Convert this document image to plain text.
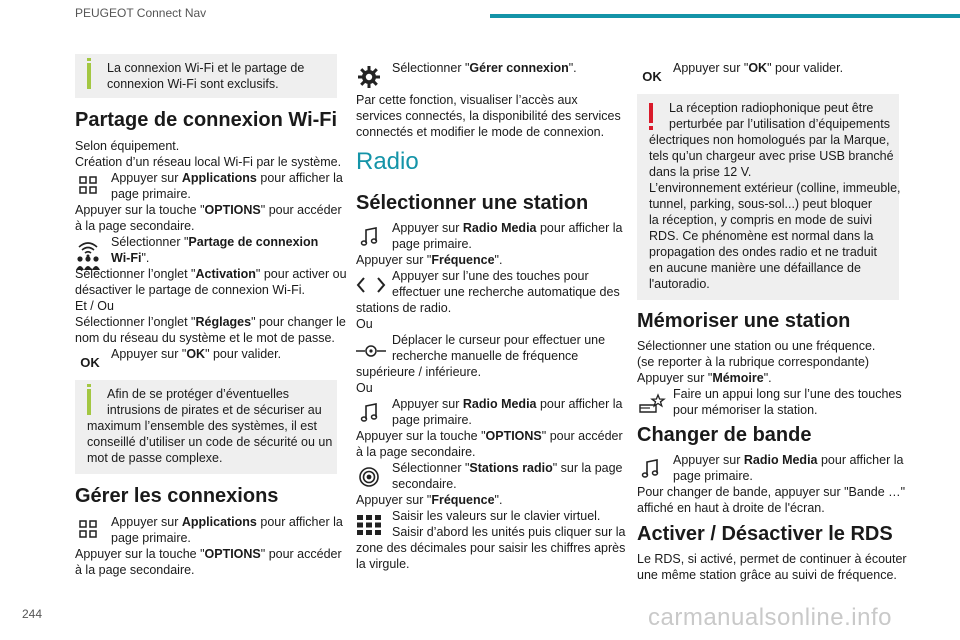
PEUGEOT Connect Nav
244	carmanualsonline.info
La connexion Wi-Fi et le partage de
connexion Wi-Fi sont exclusifs.
Partage de connexion Wi-Fi
Selon équipement.
Création d’un réseau local Wi-Fi par le système.
Appuyer sur Applications pour afficher la
page primaire.
Appuyer sur la touche "OPTIONS" pour accéder
à la page secondaire.
Sélectionner "Partage de connexion
Wi-Fi".
Sélectionner l’onglet "Activation" pour activer ou
désactiver le partage de connexion Wi-Fi.
Et / Ou
Sélectionner l’onglet "Réglages" pour changer le
nom du réseau du système et le mot de passe.
OK
Appuyer sur "OK" pour valider.
Afin de se protéger d’éventuelles
intrusions de pirates et de sécuriser au
maximum l’ensemble des systèmes, il est
conseillé d’utiliser un code de sécurité ou un
mot de passe complexe.
Gérer les connexions
Appuyer sur Applications pour afficher la
page primaire.
Appuyer sur la touche "OPTIONS" pour accéder
à la page secondaire.
Sélectionner "Gérer connexion".
Par cette fonction, visualiser l’accès aux
services connectés, la disponibilité des services
connectés et modifier le mode de connexion.
Radio
Sélectionner une station
Appuyer sur Radio Media pour afficher la
page primaire.
Appuyer sur "Fréquence".
Appuyer sur l’une des touches pour
effectuer une recherche automatique des
stations de radio.
Ou
Déplacer le curseur pour effectuer une
recherche manuelle de fréquence
supérieure / inférieure.
Ou
Appuyer sur Radio Media pour afficher la
page primaire.
Appuyer sur la touche "OPTIONS" pour accéder
à la page secondaire.
Sélectionner "Stations radio" sur la page
secondaire.
Appuyer sur "Fréquence".
Saisir les valeurs sur le clavier virtuel.
Saisir d’abord les unités puis cliquer sur la
zone des décimales pour saisir les chiffres après
la virgule.
OK
Appuyer sur "OK" pour valider.
La réception radiophonique peut être
perturbée par l’utilisation d’équipements
électriques non homologués par la Marque,
tels qu’un chargeur avec prise USB branché
dans la prise 12 V.
L’environnement extérieur (colline, immeuble,
tunnel, parking, sous-sol...) peut bloquer
la réception, y compris en mode de suivi
RDS. Ce phénomène est normal dans la
propagation des ondes radio et ne traduit
en aucune manière une défaillance de
l'autoradio.
Mémoriser une station
Sélectionner une station ou une fréquence.
(se reporter à la rubrique correspondante)
Appuyer sur "Mémoire".
Faire un appui long sur l’une des touches
pour mémoriser la station.
Changer de bande
Appuyer sur Radio Media pour afficher la
page primaire.
Pour changer de bande, appuyer sur "Bande …"
affiché en haut à droite de l'écran.
Activer / Désactiver le RDS
Le RDS, si activé, permet de continuer à écouter
une même station grâce au suivi de fréquence.
